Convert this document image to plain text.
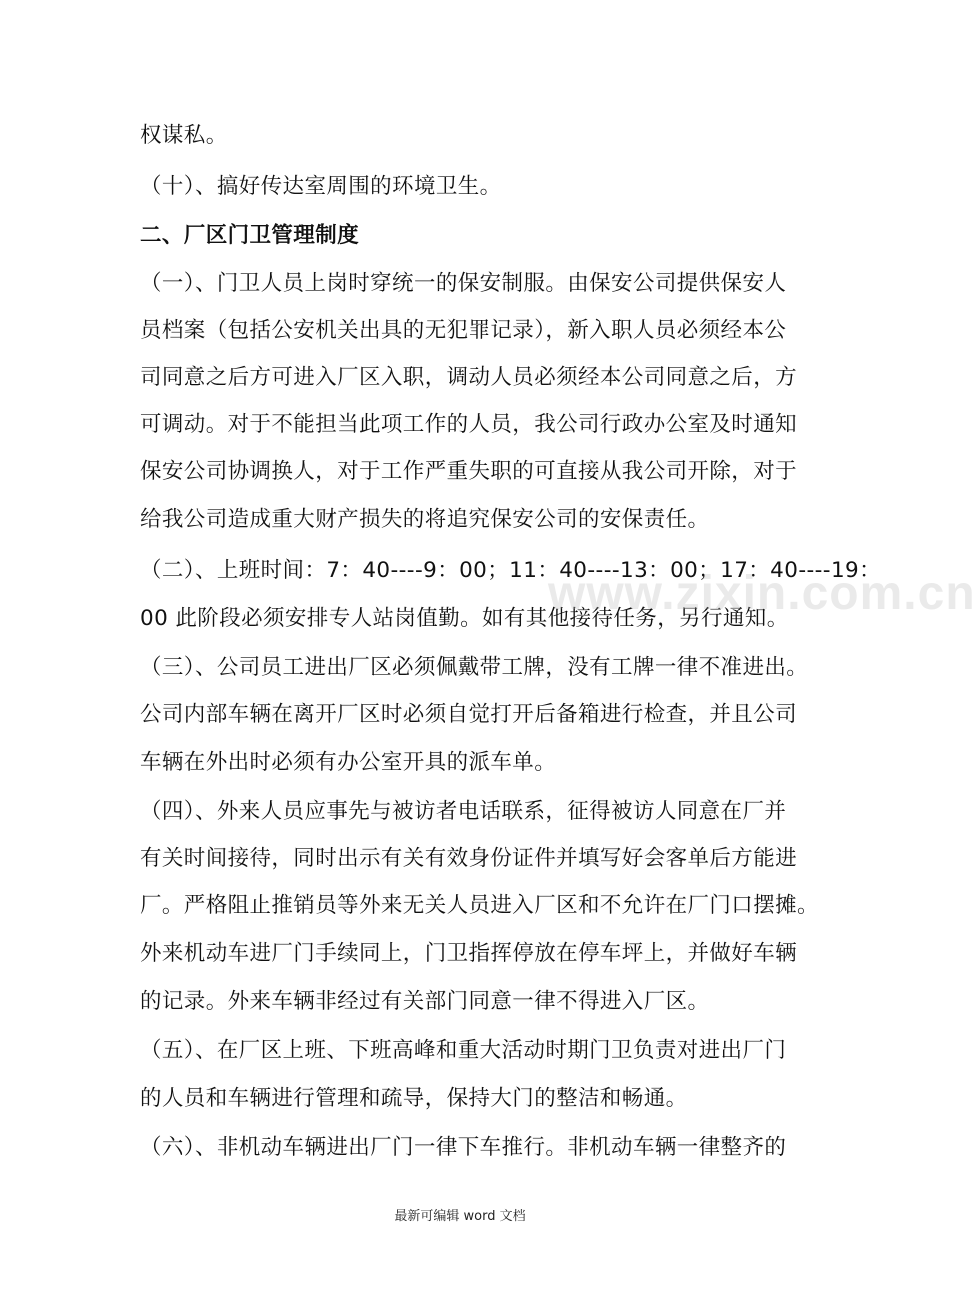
权谋私。
（十）、搞好传达室周围的环境卫生。
二、厂区门卫管理制度
（一）、门卫人员上岗时穿统一的保安制服。由保安公司提供保安人
员档案（包括公安机关出具的无犯罪记录），新入职人员必须经本公
司同意之后方可进入厂区入职，调动人员必须经本公司同意之后，方
可调动。对于不能担当此项工作的人员，我公司行政办公室及时通知
保安公司协调换人，对于工作严重失职的可直接从我公司开除，对于
给我公司造成重大财产损失的将追究保安公司的安保责任。
（二）、上班时间：7：40----9：00；11：40----13：00；17：40----19：
00 此阶段必须安排专人站岗值勤。如有其他接待任务，另行通知。
（三）、公司员工进出厂区必须佩戴带工牌，没有工牌一律不准进出。
公司内部车辆在离开厂区时必须自觉打开后备箱进行检查，并且公司
车辆在外出时必须有办公室开具的派车单。
（四）、外来人员应事先与被访者电话联系，征得被访人同意在厂并
有关时间接待，同时出示有关有效身份证件并填写好会客单后方能进
厂。严格阻止推销员等外来无关人员进入厂区和不允许在厂门口摆摊。
外来机动车进厂门手续同上，门卫指挥停放在停车坪上，并做好车辆
的记录。外来车辆非经过有关部门同意一律不得进入厂区。
（五）、在厂区上班、下班高峰和重大活动时期门卫负责对进出厂门
的人员和车辆进行管理和疏导，保持大门的整洁和畅通。
（六）、非机动车辆进出厂门一律下车推行。非机动车辆一律整齐的
www.zixin.com.cn
最新可编辑 word 文档
